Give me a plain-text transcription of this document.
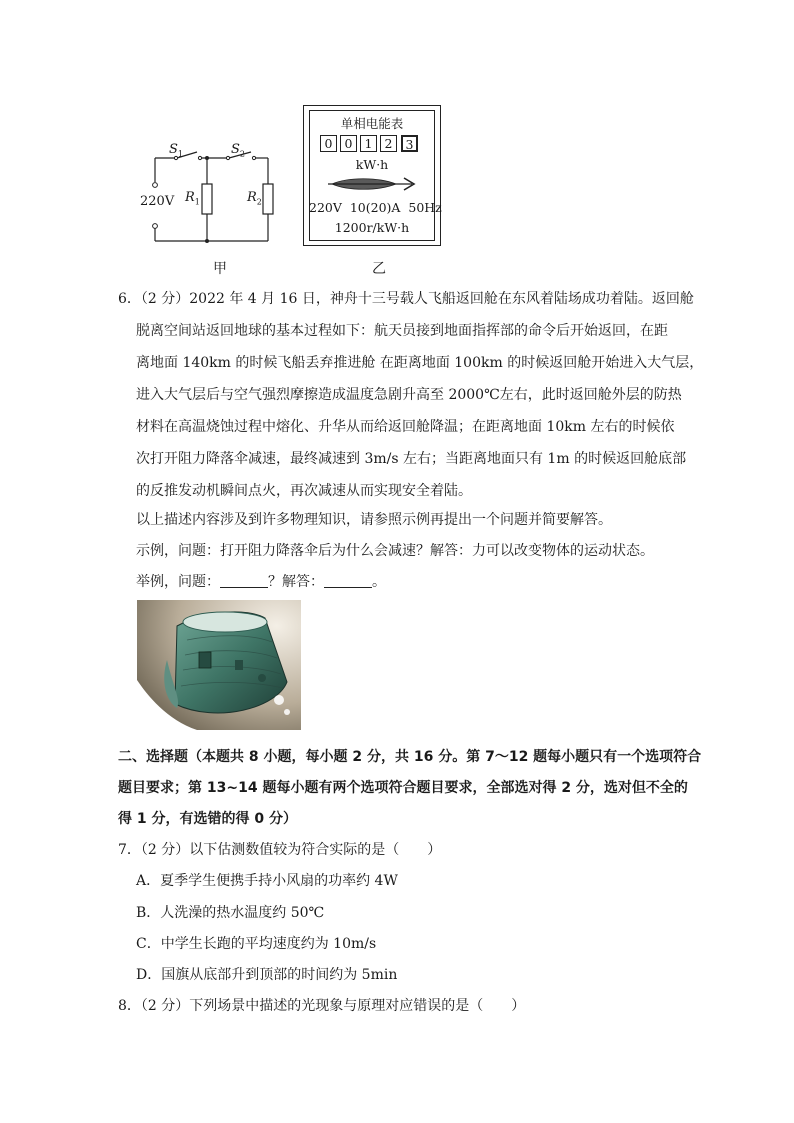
$S_1$	$S_2$
220V $R_1$	$R_2$
甲
单相电能表
0 0 1 2	3
kW·h
220V  10(20)A  50Hz
1200r/kW·h
乙
6．（2 分）2022 年 4 月 16 日，神舟十三号载人飞船返回舱在东风着陆场成功着陆。返回舱
脱离空间站返回地球的基本过程如下：航天员接到地面指挥部的命令后开始返回，在距
离地面 140km 的时候飞船丢弃推进舱 在距离地面 100km 的时候返回舱开始进入大气层，
进入大气层后与空气强烈摩擦造成温度急剧升高至 2000℃左右，此时返回舱外层的防热
材料在高温烧蚀过程中熔化、升华从而给返回舱降温；在距离地面 10km 左右的时候依
次打开阻力降落伞减速，最终减速到 3m/s 左右；当距离地面只有 1m 的时候返回舱底部
的反推发动机瞬间点火，再次减速从而实现安全着陆。
以上描述内容涉及到许多物理知识，请参照示例再提出一个问题并简要解答。
示例，问题：打开阻力降落伞后为什么会减速？解答：力可以改变物体的运动状态。
举例，问题：	？解答：	。
二、选择题（本题共 8 小题，每小题 2 分，共 16 分。第 7～12 题每小题只有一个选项符合
题目要求；第 13~14 题每小题有两个选项符合题目要求，全部选对得 2 分，选对但不全的
得 1 分，有选错的得 0 分）
7．（2 分）以下估测数值较为符合实际的是（　　）
A．夏季学生便携手持小风扇的功率约 4W
B．人洗澡的热水温度约 50℃
C．中学生长跑的平均速度约为 10m/s
D．国旗从底部升到顶部的时间约为 5min
8．（2 分）下列场景中描述的光现象与原理对应错误的是（　　）
